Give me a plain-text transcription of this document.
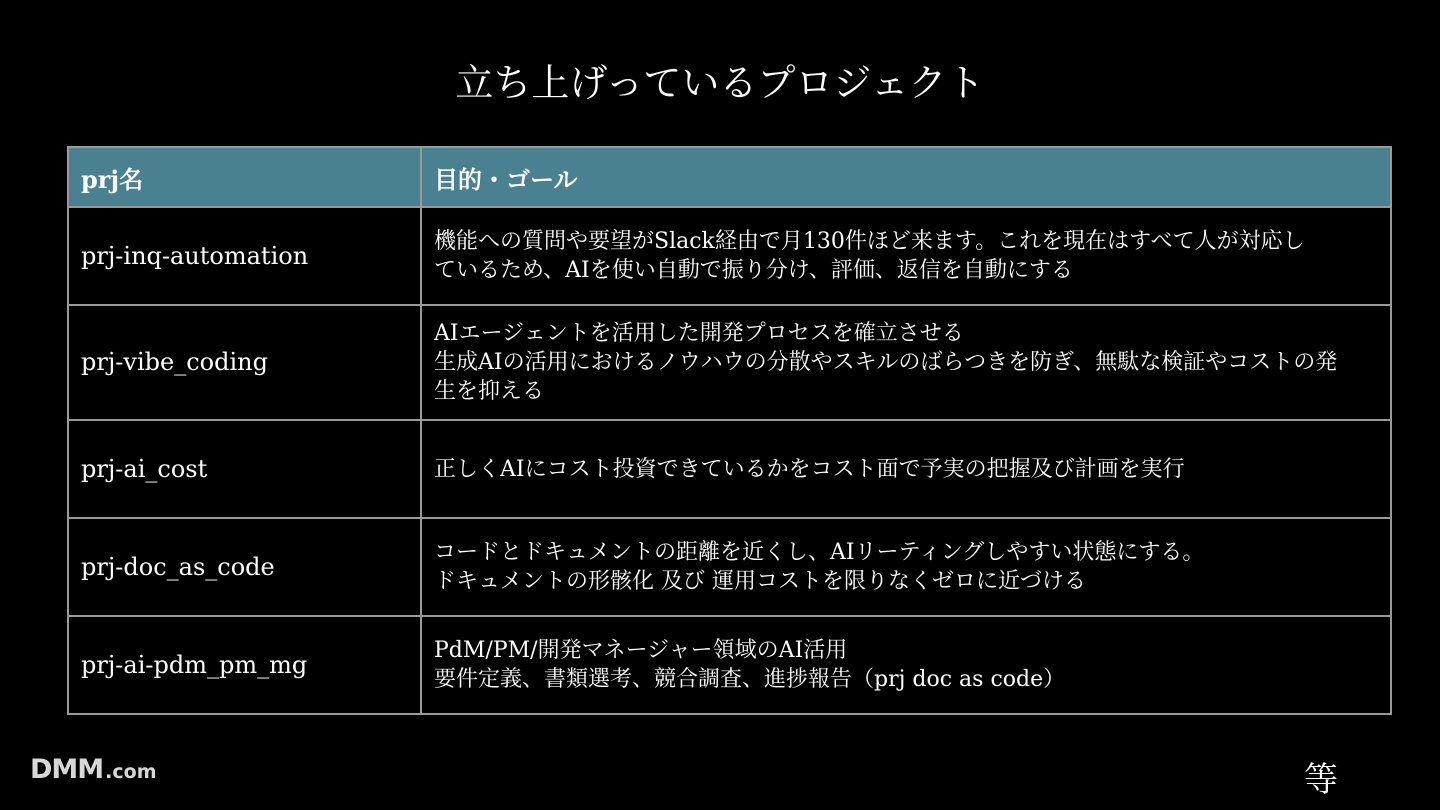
立ち上げっているプロジェクト
prj名	目的・ゴール
prj-inq-automation	機能への質問や要望がSlack経由で月130件ほど来ます。これを現在はすべて人が対応し
ているため、AIを使い自動で振り分け、評価、返信を自動にする

prj-vibe_coding	AIエージェントを活用した開発プロセスを確立させる
生成AIの活用におけるノウハウの分散やスキルのばらつきを防ぎ、無駄な検証やコストの発
生を抑える

prj-ai_cost	正しくAIにコスト投資できているかをコスト面で予実の把握及び計画を実行

prj-doc_as_code	コードとドキュメントの距離を近くし、AIリーティングしやすい状態にする。
ドキュメントの形骸化 及び 運用コストを限りなくゼロに近づける

prj-ai-pdm_pm_mg	PdM/PM/開発マネージャー領域のAI活用
要件定義、書類選考、競合調査、進捗報告（prj doc as code）
DMM .com	等
